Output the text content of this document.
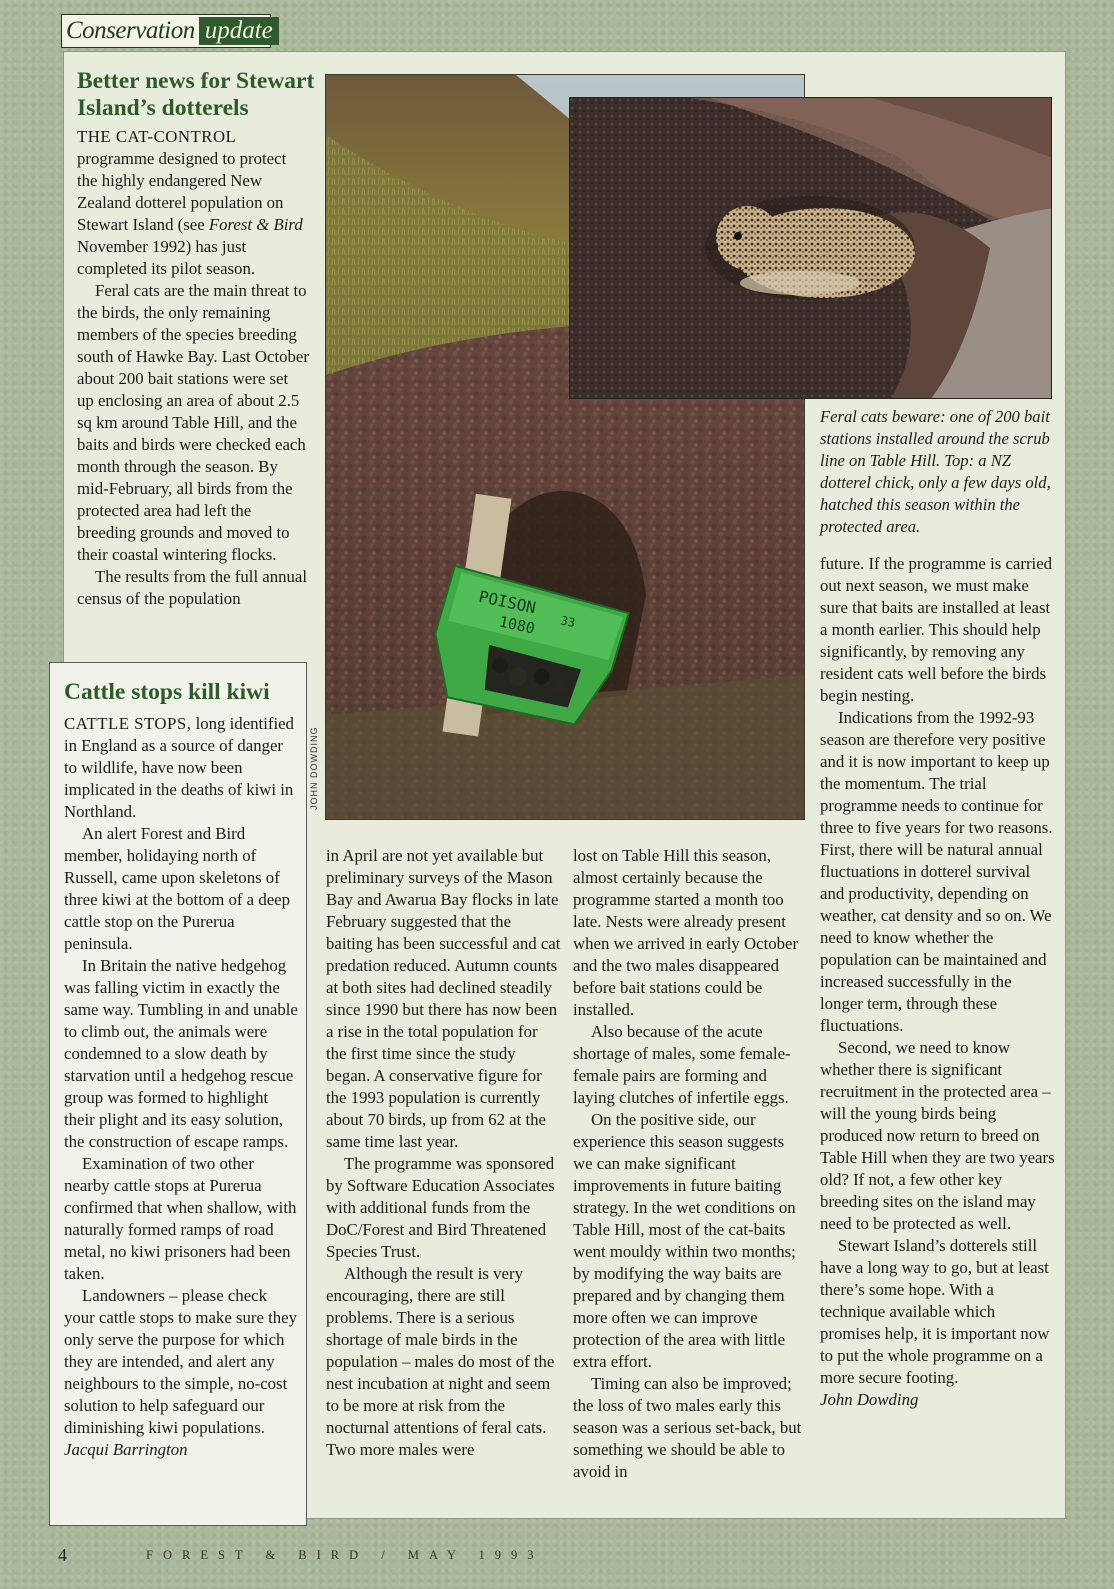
Conservation update
Better news for Stewart Island’s dotterels

THE CAT-CONTROL programme designed to protect the highly endangered New Zealand dotterel population on Stewart Island (see Forest & Bird November 1992) has just completed its pilot season.

Feral cats are the main threat to the birds, the only remaining members of the species breeding south of Hawke Bay. Last October about 200 bait stations were set up enclosing an area of about 2.5 sq km around Table Hill, and the baits and birds were checked each month through the season. By mid-February, all birds from the protected area had left the breeding grounds and moved to their coastal wintering flocks.

The results from the full annual census of the population

Cattle stops kill kiwi

CATTLE STOPS, long identified in England as a source of danger to wildlife, have now been implicated in the deaths of kiwi in Northland.

An alert Forest and Bird member, holidaying north of Russell, came upon skeletons of three kiwi at the bottom of a deep cattle stop on the Purerua peninsula.

In Britain the native hedgehog was falling victim in exactly the same way. Tumbling in and unable to climb out, the animals were condemned to a slow death by starvation until a hedgehog rescue group was formed to highlight their plight and its easy solution, the construction of escape ramps.

Examination of two other nearby cattle stops at Purerua confirmed that when shallow, with naturally formed ramps of road metal, no kiwi prisoners had been taken.

Landowners – please check your cattle stops to make sure they only serve the purpose for which they are intended, and alert any neighbours to the simple, no-cost solution to help safeguard our diminishing kiwi populations.

Jacqui Barrington

POISON
1080 33
JOHN DOWDING
Feral cats beware: one of 200 bait stations installed around the scrub line on Table Hill. Top: a NZ dotterel chick, only a few days old, hatched this season within the protected area.

in April are not yet available but preliminary surveys of the Mason Bay and Awarua Bay flocks in late February suggested that the baiting has been successful and cat predation reduced. Autumn counts at both sites had declined steadily since 1990 but there has now been a rise in the total population for the first time since the study began. A conservative figure for the 1993 population is currently about 70 birds, up from 62 at the same time last year.

The programme was sponsored by Software Education Associates with additional funds from the DoC/Forest and Bird Threatened Species Trust.

Although the result is very encouraging, there are still problems. There is a serious shortage of male birds in the population – males do most of the nest incubation at night and seem to be more at risk from the nocturnal attentions of feral cats. Two more males were

lost on Table Hill this season, almost certainly because the programme started a month too late. Nests were already present when we arrived in early October and the two males disappeared before bait stations could be installed.

Also because of the acute shortage of males, some female-female pairs are forming and laying clutches of infertile eggs.

On the positive side, our experience this season suggests we can make significant improvements in future baiting strategy. In the wet conditions on Table Hill, most of the cat-baits went mouldy within two months; by modifying the way baits are prepared and by changing them more often we can improve protection of the area with little extra effort.

Timing can also be improved; the loss of two males early this season was a serious set-back, but something we should be able to avoid in

future. If the programme is carried out next season, we must make sure that baits are installed at least a month earlier. This should help significantly, by removing any resident cats well before the birds begin nesting.

Indications from the 1992-93 season are therefore very positive and it is now important to keep up the momentum. The trial programme needs to continue for three to five years for two reasons. First, there will be natural annual fluctuations in dotterel survival and productivity, depending on weather, cat density and so on. We need to know whether the population can be maintained and increased successfully in the longer term, through these fluctuations.

Second, we need to know whether there is significant recruitment in the protected area – will the young birds being produced now return to breed on Table Hill when they are two years old? If not, a few other key breeding sites on the island may need to be protected as well.

Stewart Island’s dotterels still have a long way to go, but at least there’s some hope. With a technique available which promises help, it is important now to put the whole programme on a more secure footing.

John Dowding

4	FOREST & BIRD / MAY 1993
